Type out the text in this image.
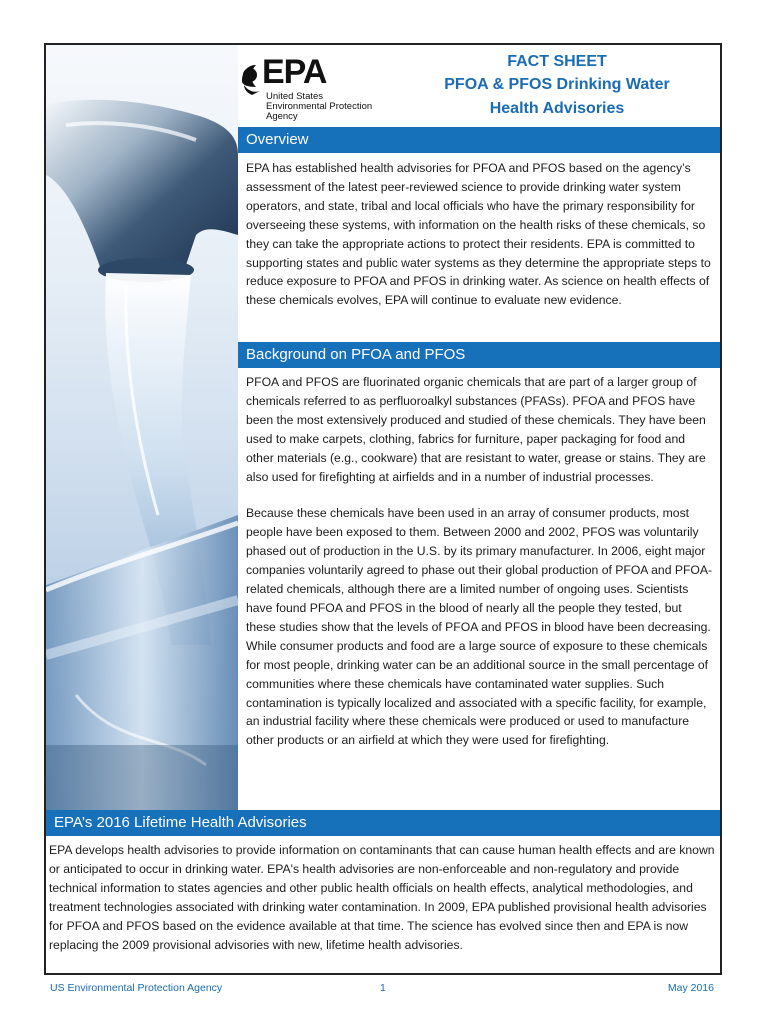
EPA
United States
Environmental Protection
Agency
FACT SHEET
PFOA & PFOS Drinking Water
Health Advisories
Overview
EPA has established health advisories for PFOA and PFOS based on the agency’s assessment of the latest peer-reviewed science to provide drinking water system operators, and state, tribal and local officials who have the primary responsibility for overseeing these systems, with information on the health risks of these chemicals, so they can take the appropriate actions to protect their residents. EPA is committed to supporting states and public water systems as they determine the appropriate steps to reduce exposure to PFOA and PFOS in drinking water. As science on health effects of these chemicals evolves, EPA will continue to evaluate new evidence.
Background on PFOA and PFOS
PFOA and PFOS are fluorinated organic chemicals that are part of a larger group of chemicals referred to as perfluoroalkyl substances (PFASs). PFOA and PFOS have been the most extensively produced and studied of these chemicals. They have been used to make carpets, clothing, fabrics for furniture, paper packaging for food and other materials (e.g., cookware) that are resistant to water, grease or stains. They are also used for firefighting at airfields and in a number of industrial processes.
Because these chemicals have been used in an array of consumer products, most people have been exposed to them. Between 2000 and 2002, PFOS was voluntarily phased out of production in the U.S. by its primary manufacturer. In 2006, eight major companies voluntarily agreed to phase out their global production of PFOA and PFOA-related chemicals, although there are a limited number of ongoing uses. Scientists have found PFOA and PFOS in the blood of nearly all the people they tested, but these studies show that the levels of PFOA and PFOS in blood have been decreasing. While consumer products and food are a large source of exposure to these chemicals for most people, drinking water can be an additional source in the small percentage of communities where these chemicals have contaminated water supplies. Such contamination is typically localized and associated with a specific facility, for example, an industrial facility where these chemicals were produced or used to manufacture other products or an airfield at which they were used for firefighting.
EPA’s 2016 Lifetime Health Advisories
EPA develops health advisories to provide information on contaminants that can cause human health effects and are known or anticipated to occur in drinking water. EPA's health advisories are non-enforceable and non-regulatory and provide technical information to states agencies and other public health officials on health effects, analytical methodologies, and treatment technologies associated with drinking water contamination. In 2009, EPA published provisional health advisories for PFOA and PFOS based on the evidence available at that time. The science has evolved since then and EPA is now replacing the 2009 provisional advisories with new, lifetime health advisories.
US Environmental Protection Agency	1	May 2016
